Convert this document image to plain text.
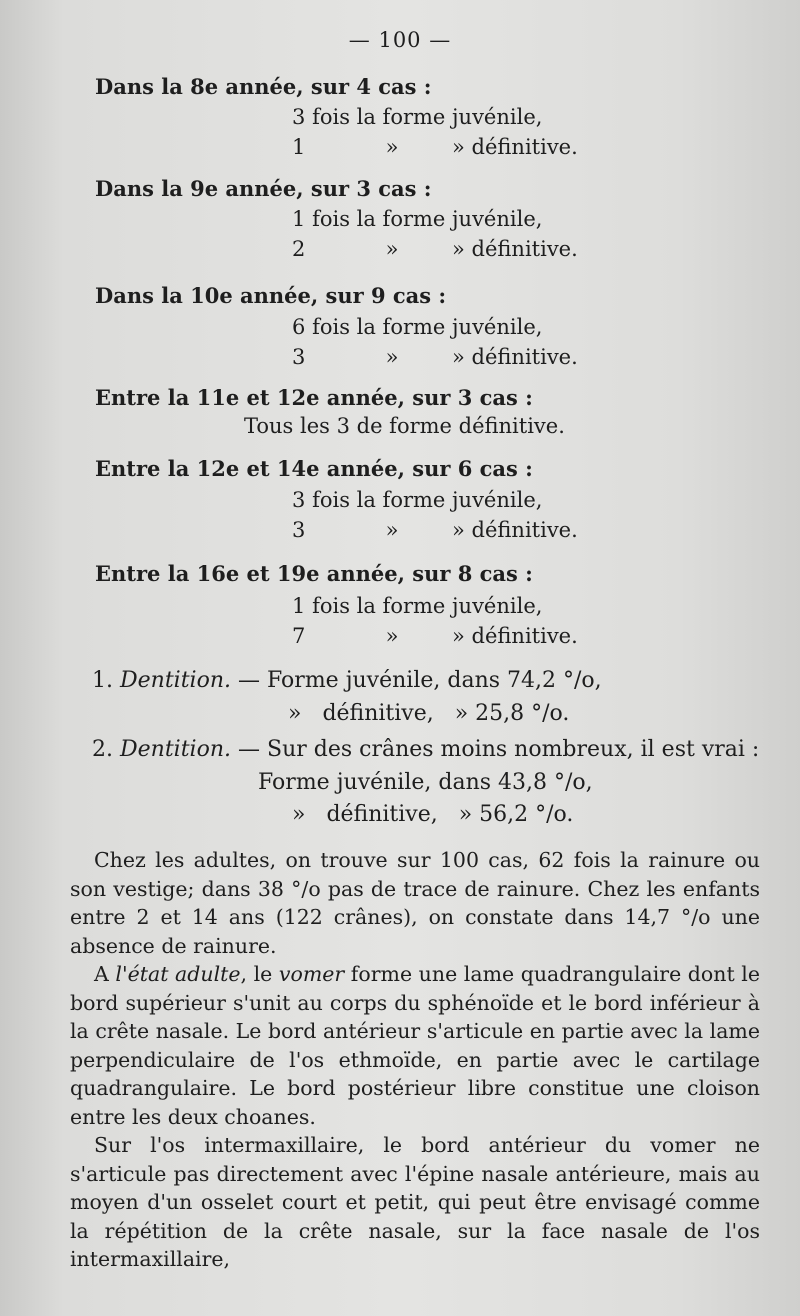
— 100 —
Dans la 8e année, sur 4 cas :
3 fois la forme juvénile,
1	»	» définitive.
Dans la 9e année, sur 3 cas :
1 fois la forme juvénile,
2	»	» définitive.
Dans la 10e année, sur 9 cas :
6 fois la forme juvénile,
3	»	» définitive.
Entre la 11e et 12e année, sur 3 cas :
Tous les 3 de forme définitive.
Entre la 12e et 14e année, sur 6 cas :
3 fois la forme juvénile,
3	»	» définitive.
Entre la 16e et 19e année, sur 8 cas :
1 fois la forme juvénile,
7	»	» définitive.
1. Dentition. — Forme juvénile, dans 74,2 °/o,
»   définitive,   » 25,8 °/o.
2. Dentition. — Sur des crânes moins nombreux, il est vrai :
Forme juvénile, dans 43,8 °/o,
»   définitive,   » 56,2 °/o.

Chez les adultes, on trouve sur 100 cas, 62 fois la rainure ou son vestige; dans 38 °/o pas de trace de rainure. Chez les enfants entre 2 et 14 ans (122 crânes), on constate dans 14,7 °/o une absence de rainure.

A l'état adulte, le vomer forme une lame quadrangulaire dont le bord supérieur s'unit au corps du sphénoïde et le bord inférieur à la crête nasale. Le bord antérieur s'articule en partie avec la lame perpendiculaire de l'os ethmoïde, en partie avec le cartilage quadrangulaire. Le bord postérieur libre constitue une cloison entre les deux choanes.

Sur l'os intermaxillaire, le bord antérieur du vomer ne s'articule pas directement avec l'épine nasale antérieure, mais au moyen d'un osselet court et petit, qui peut être envisagé comme la répétition de la crête nasale, sur la face nasale de l'os intermaxillaire,
